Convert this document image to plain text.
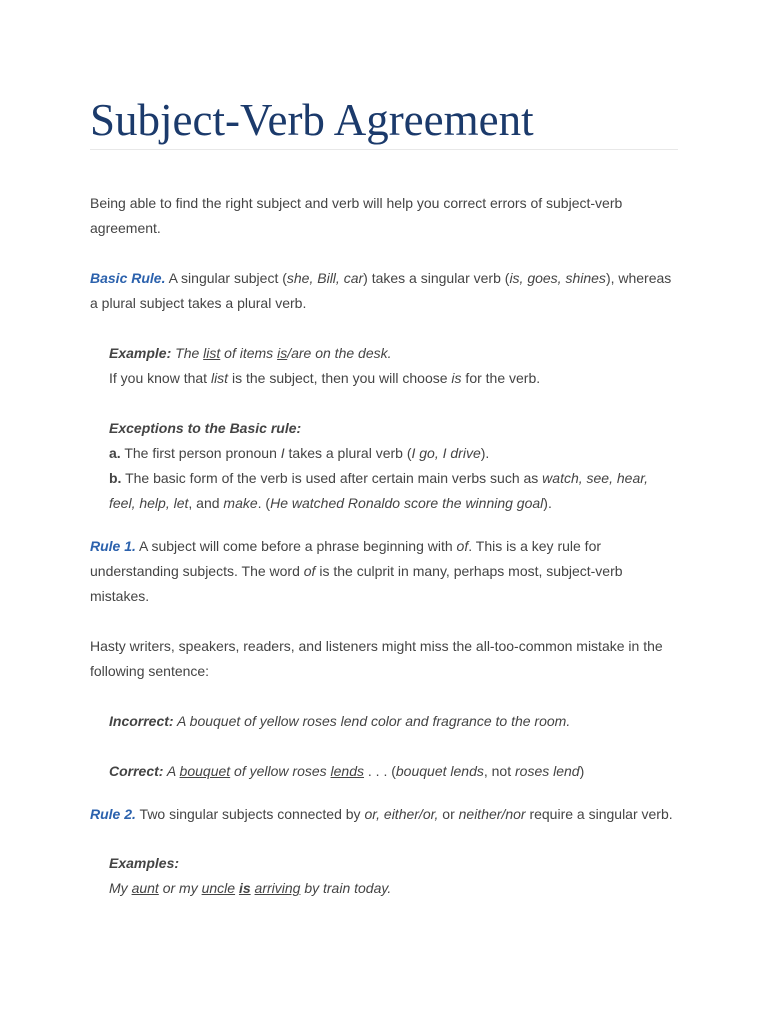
Subject-Verb Agreement

Being able to find the right subject and verb will help you correct errors of subject-verb agreement.

Basic Rule. A singular subject (she, Bill, car) takes a singular verb (is, goes, shines), whereas a plural subject takes a plural verb.

Example: The list of items is/are on the desk.
If you know that list is the subject, then you will choose is for the verb.

Exceptions to the Basic rule:
a. The first person pronoun I takes a plural verb (I go, I drive).
b. The basic form of the verb is used after certain main verbs such as watch, see, hear, feel, help, let, and make. (He watched Ronaldo score the winning goal).

Rule 1. A subject will come before a phrase beginning with of. This is a key rule for understanding subjects. The word of is the culprit in many, perhaps most, subject-verb mistakes.

Hasty writers, speakers, readers, and listeners might miss the all-too-common mistake in the following sentence:

Incorrect: A bouquet of yellow roses lend color and fragrance to the room.

Correct: A bouquet of yellow roses lends . . . (bouquet lends, not roses lend)

Rule 2. Two singular subjects connected by or, either/or, or neither/nor require a singular verb.

Examples:
My aunt or my uncle is arriving by train today.
